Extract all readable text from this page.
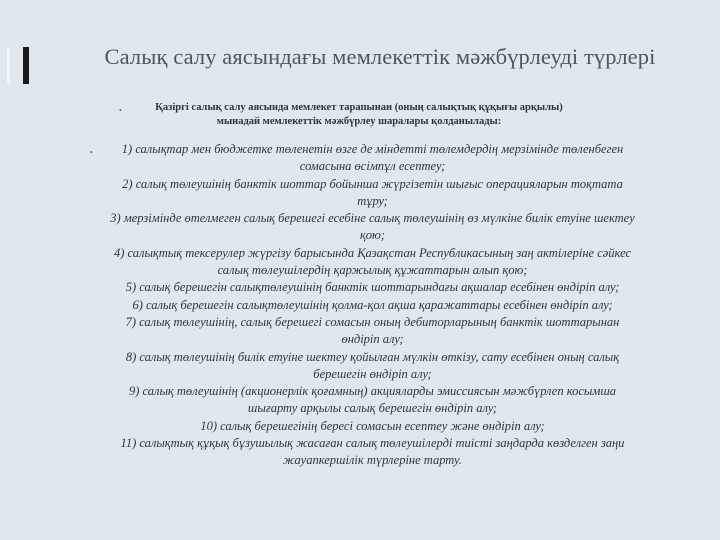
Салық салу аясындағы мемлекеттік мәжбүрлеуді түрлері
•	Қазіргі салық салу аясында мемлекет тарапынан (оның салықтық құқығы арқылы) мынадай мемлекеттік мәжбүрлеу шаралары қолданылады:
•	1) салықтар мен бюджетке төленетін өзге де міндетті төлемдердің мерзімінде төленбеген сомасына өсімпұл есептеу;
2) салық төлеушінің банктік шоттар бойынша жүргізетін шығыс операцияларын тоқтата тұру;
3) мерзімінде өтелмеген салық берешегі есебіне салық төлеушінің өз мүлкіне билік етуіне шектеу қою;
4) салықтық тексерулер жүргізу барысында Қазақстан Республикасының заң актілеріне сәйкес салық төлеушілердің қаржылық құжаттарын алып қою;
5) салық берешегін салықтөлеушінің банктік шоттарындағы ақшалар есебінен өндіріп алу;
6) салық берешегін салықтөлеушінің қолма-қол ақша қаражаттары есебінен өндіріп алу;
7) салық төлеушінің, салық берешегі сомасын оның дебиторларының банктік шоттарынан өндіріп алу;
8) салық төлеушінің билік етуіне шектеу қойылған мүлкін өткізу, сату есебінен оның салық берешегін өндіріп алу;
9) салық төлеушінің (акционерлік қоғамның) акцияларды эмиссиясын мәжбүрлеп косымша шығарту арқылы салық берешегін өндіріп алу;
10) салық берешегінің бересі сомасын есептеу және өндіріп алу;
11) салықтық құқық бұзушылық жасаған салық төлеушілерді тиісті заңдарда көзделген заңи жауапкершілік түрлеріне тарту.
